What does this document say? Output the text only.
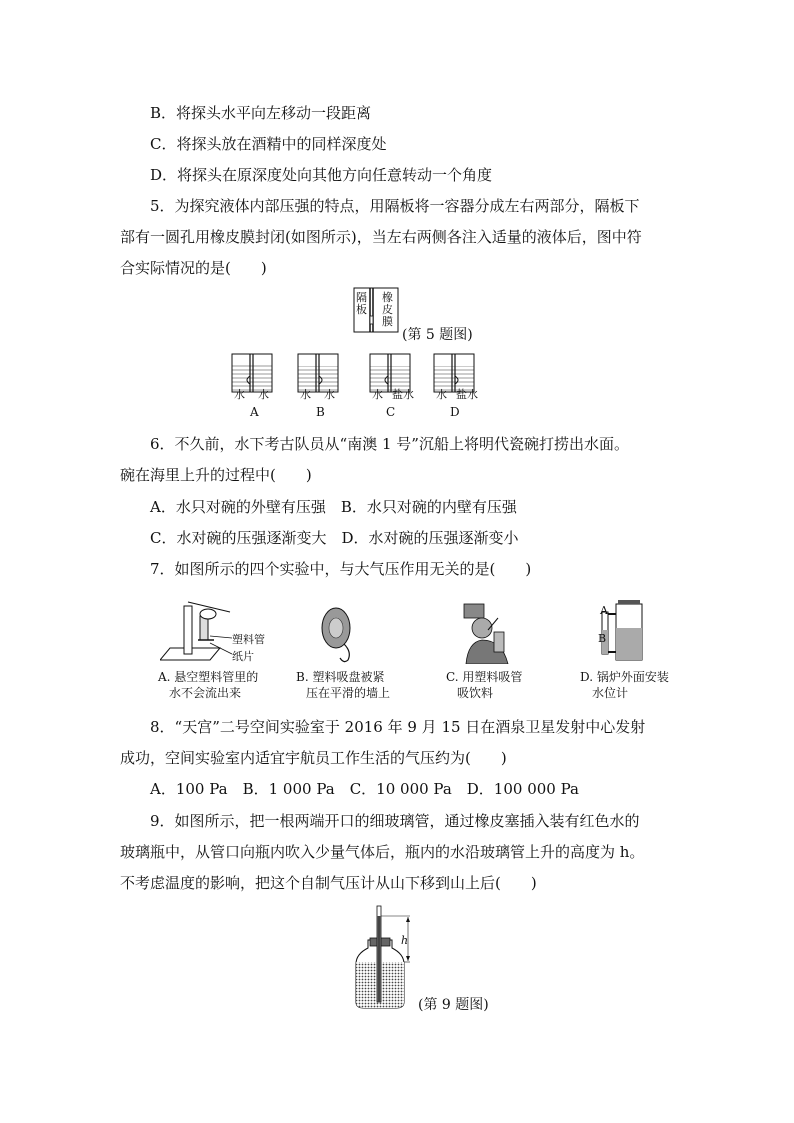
B．将探头水平向左移动一段距离
C．将探头放在酒精中的同样深度处
D．将探头在原深度处向其他方向任意转动一个角度
5．为探究液体内部压强的特点，用隔板将一容器分成左右两部分，隔板下
部有一圆孔用橡皮膜封闭(如图所示)，当左右两侧各注入适量的液体后，图中符
合实际情况的是(　　)
隔板
橡皮膜
(第 5 题图)
水 水	水 水	水 盐水 水 盐水
A	B	C	D
6．不久前，水下考古队员从“南澳 1 号”沉船上将明代瓷碗打捞出水面。
碗在海里上升的过程中(　　)
A．水只对碗的外壁有压强　B．水只对碗的内壁有压强
C．水对碗的压强逐渐变大　D．水对碗的压强逐渐变小
7．如图所示的四个实验中，与大气压作用无关的是(　　)
塑料管
纸片
A
B
A. 悬空塑料管里的
水不会流出来
B. 塑料吸盘被紧
压在平滑的墙上
C. 用塑料吸管
吸饮料
D. 锅炉外面安装
水位计
8．“天宫”二号空间实验室于 2016 年 9 月 15 日在酒泉卫星发射中心发射
成功，空间实验室内适宜宇航员工作生活的气压约为(　　)
A．100 Pa　B．1 000 Pa　C．10 000 Pa　D．100 000 Pa
9．如图所示，把一根两端开口的细玻璃管，通过橡皮塞插入装有红色水的
玻璃瓶中，从管口向瓶内吹入少量气体后，瓶内的水沿玻璃管上升的高度为 h。
不考虑温度的影响，把这个自制气压计从山下移到山上后(　　)
h
(第 9 题图)
